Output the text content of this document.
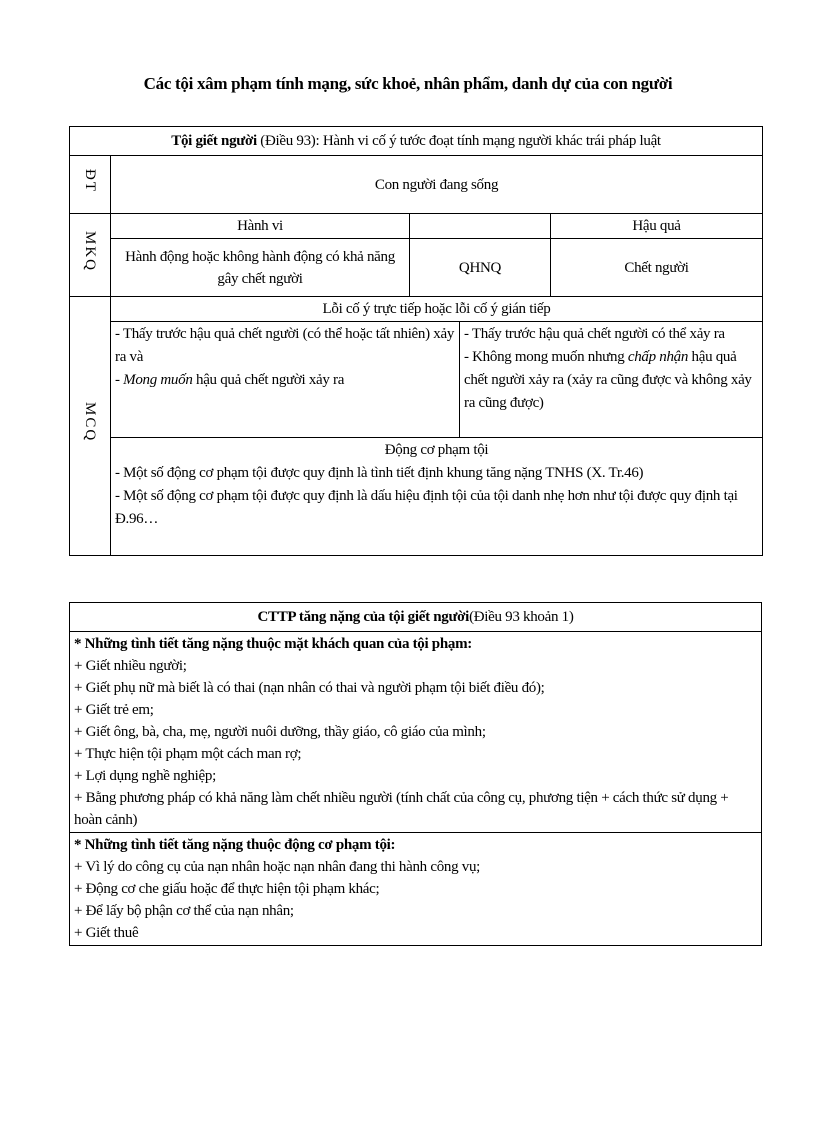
Các tội xâm phạm tính mạng, sức khoẻ, nhân phẩm, danh dự của con người
Tội giết người (Điều 93): Hành vi cố ý tước đoạt tính mạng người khác trái pháp luật				
ĐT	Con người đang sống			
MKQ	Hành vi			Hậu quả
	Hành động hoặc không hành động có khả năng gây chết người	QHNQ		Chết người
MCQ	Lỗi cố ý trực tiếp hoặc lỗi cố ý gián tiếp			

	- Thấy trước hậu quả chết người (có thể hoặc tất nhiên) xảy ra và
- Mong muốn hậu quả chết người xảy ra		- Thấy trước hậu quả chết người có thể xảy ra
- Không mong muốn nhưng chấp nhận hậu quả chết người xảy ra (xảy ra cũng được và không xảy ra cũng được)	

	Động cơ phạm tội
- Một số động cơ phạm tội được quy định là tình tiết định khung tăng nặng TNHS (X. Tr.46)
- Một số động cơ phạm tội được quy định là dấu hiệu định tội của tội danh nhẹ hơn như tội được quy định tại Đ.96…			
CTTP tăng nặng của tội giết người(Điều 93 khoản 1)

* Những tình tiết tăng nặng thuộc mặt khách quan của tội phạm:
+ Giết nhiều người;
+ Giết phụ nữ mà biết là có thai (nạn nhân có thai và người phạm tội biết điều đó);
+ Giết trẻ em;
+ Giết ông, bà, cha, mẹ, người nuôi dưỡng, thầy giáo, cô giáo của mình;
+ Thực hiện tội phạm một cách man rợ;
+ Lợi dụng nghề nghiệp;
+ Bằng phương pháp có khả năng làm chết nhiều người (tính chất của công cụ, phương tiện + cách thức sử dụng + hoàn cảnh)

* Những tình tiết tăng nặng thuộc động cơ phạm tội:
+ Vì lý do công cụ của nạn nhân hoặc nạn nhân đang thi hành công vụ;
+ Động cơ che giấu hoặc để thực hiện tội phạm khác;
+ Để lấy bộ phận cơ thể của nạn nhân;
+ Giết thuê
